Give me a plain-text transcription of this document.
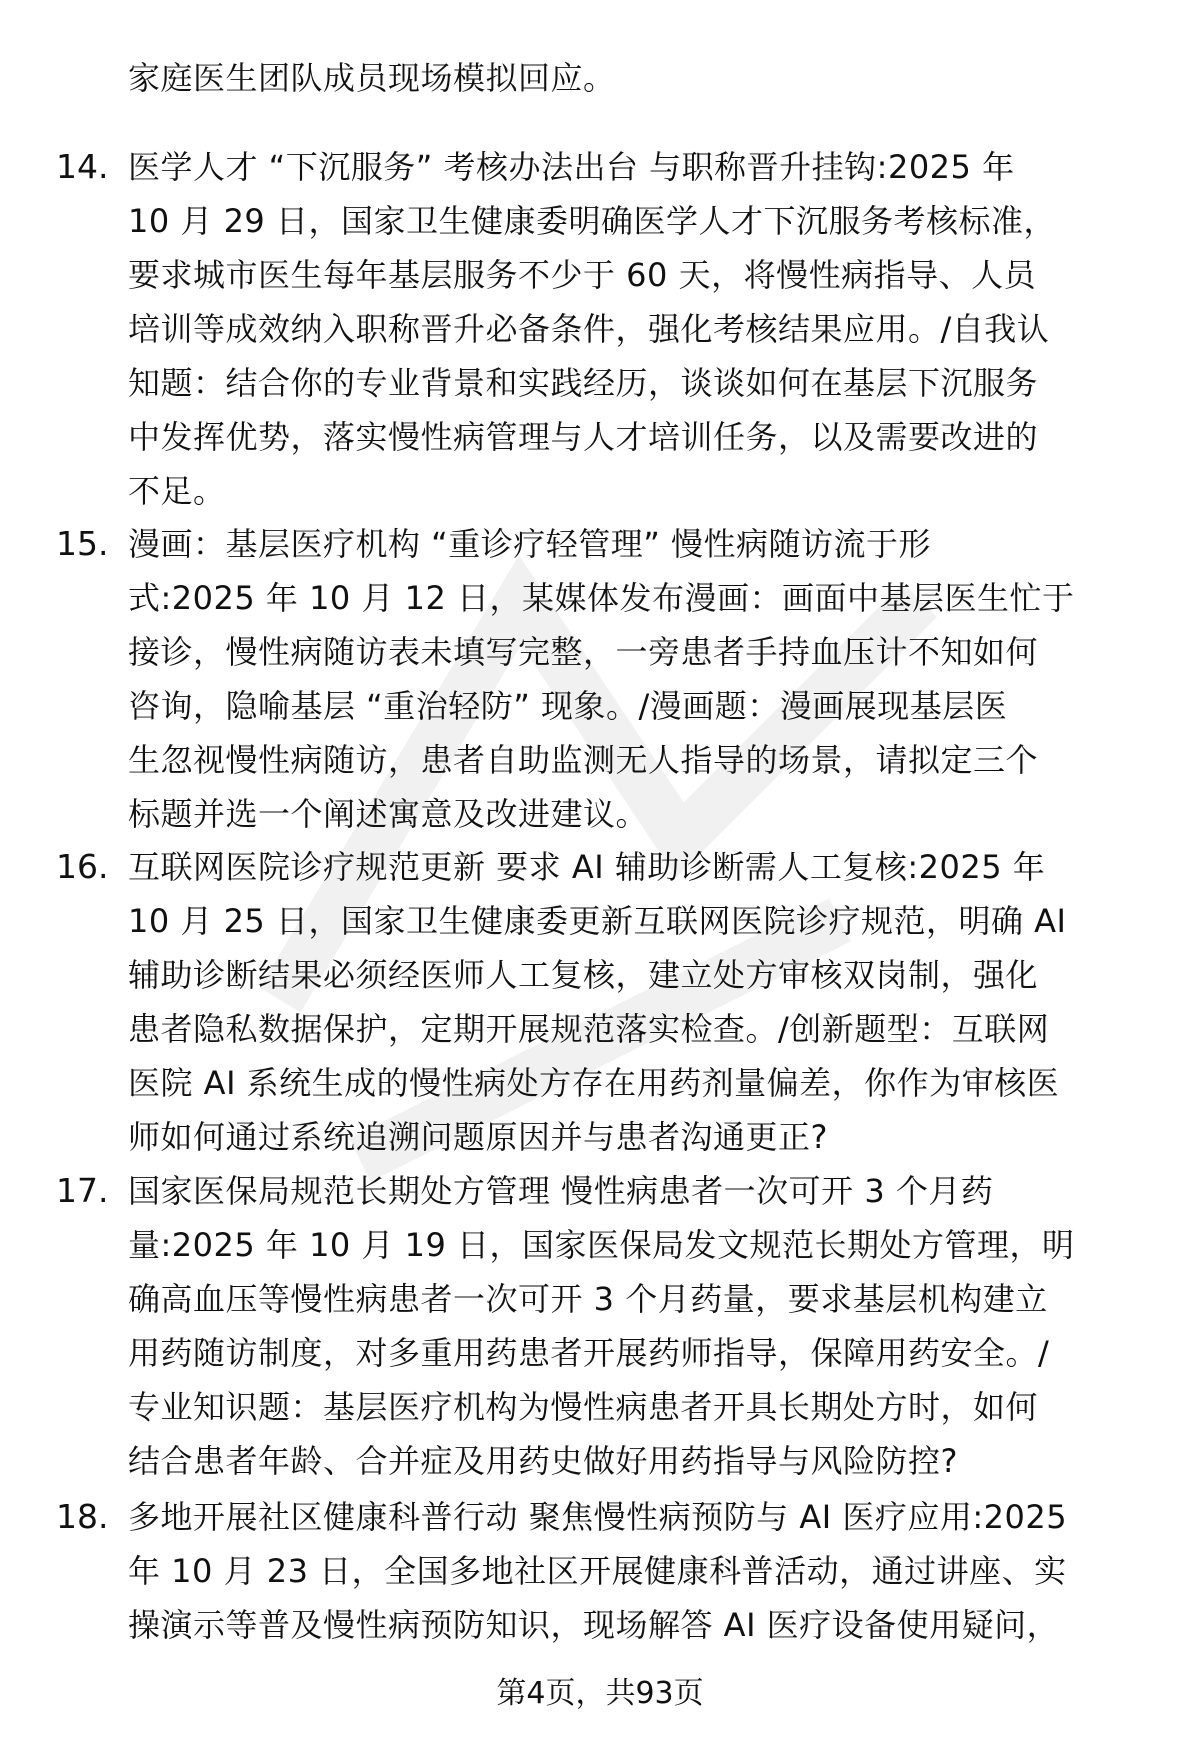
家庭医生团队成员现场模拟回应。
14. 医学人才 “下沉服务” 考核办法出台 与职称晋升挂钩:2025 年
10 月 29 日，国家卫生健康委明确医学人才下沉服务考核标准，
要求城市医生每年基层服务不少于 60 天，将慢性病指导、人员
培训等成效纳入职称晋升必备条件，强化考核结果应用。/自我认
知题：结合你的专业背景和实践经历，谈谈如何在基层下沉服务
中发挥优势，落实慢性病管理与人才培训任务，以及需要改进的
不足。
15. 漫画：基层医疗机构 “重诊疗轻管理” 慢性病随访流于形
式:2025 年 10 月 12 日，某媒体发布漫画：画面中基层医生忙于
接诊，慢性病随访表未填写完整，一旁患者手持血压计不知如何
咨询，隐喻基层 “重治轻防” 现象。/漫画题：漫画展现基层医
生忽视慢性病随访，患者自助监测无人指导的场景，请拟定三个
标题并选一个阐述寓意及改进建议。
16. 互联网医院诊疗规范更新 要求 AI 辅助诊断需人工复核:2025 年
10 月 25 日，国家卫生健康委更新互联网医院诊疗规范，明确 AI
辅助诊断结果必须经医师人工复核，建立处方审核双岗制，强化
患者隐私数据保护，定期开展规范落实检查。/创新题型：互联网
医院 AI 系统生成的慢性病处方存在用药剂量偏差，你作为审核医
师如何通过系统追溯问题原因并与患者沟通更正?
17. 国家医保局规范长期处方管理 慢性病患者一次可开 3 个月药
量:2025 年 10 月 19 日，国家医保局发文规范长期处方管理，明
确高血压等慢性病患者一次可开 3 个月药量，要求基层机构建立
用药随访制度，对多重用药患者开展药师指导，保障用药安全。/
专业知识题：基层医疗机构为慢性病患者开具长期处方时，如何
结合患者年龄、合并症及用药史做好用药指导与风险防控?
18. 多地开展社区健康科普行动 聚焦慢性病预防与 AI 医疗应用:2025
年 10 月 23 日，全国多地社区开展健康科普活动，通过讲座、实
操演示等普及慢性病预防知识，现场解答 AI 医疗设备使用疑问，
第4页，共93页
